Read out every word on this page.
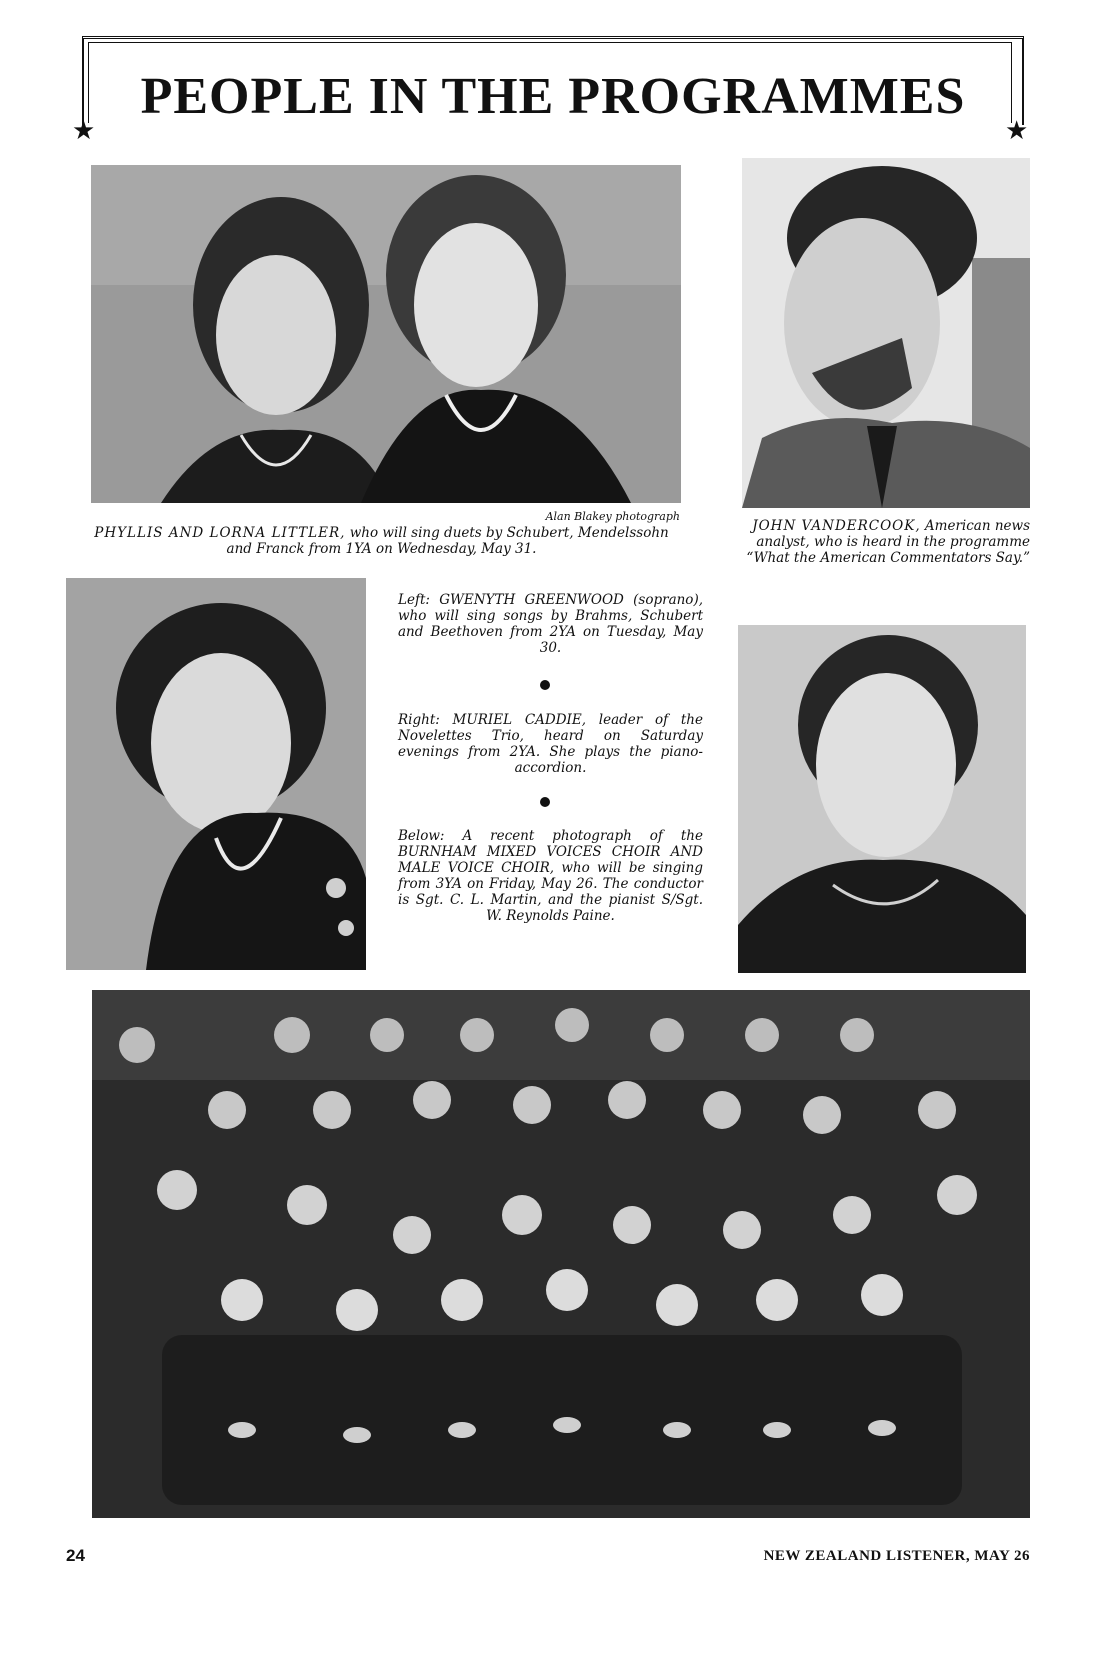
PEOPLE IN THE PROGRAMMES
★	★
Alan Blakey photograph
PHYLLIS AND LORNA LITTLER, who will sing duets by Schubert, Mendelssohn and Franck from 1YA on Wednesday, May 31.
JOHN VANDERCOOK, American news analyst, who is heard in the programme “What the American Commentators Say.”
Left: GWENYTH GREENWOOD (soprano), who will sing songs by Brahms, Schubert and Beethoven from 2YA on Tuesday, May 30.
Right: MURIEL CADDIE, leader of the Novelettes Trio, heard on Saturday evenings from 2YA. She plays the piano-accordion.
Below: A recent photograph of the BURNHAM MIXED VOICES CHOIR AND MALE VOICE CHOIR, who will be singing from 3YA on Friday, May 26. The conductor is Sgt. C. L. Martin, and the pianist S/Sgt. W. Reynolds Paine.
24	NEW ZEALAND LISTENER, MAY 26
